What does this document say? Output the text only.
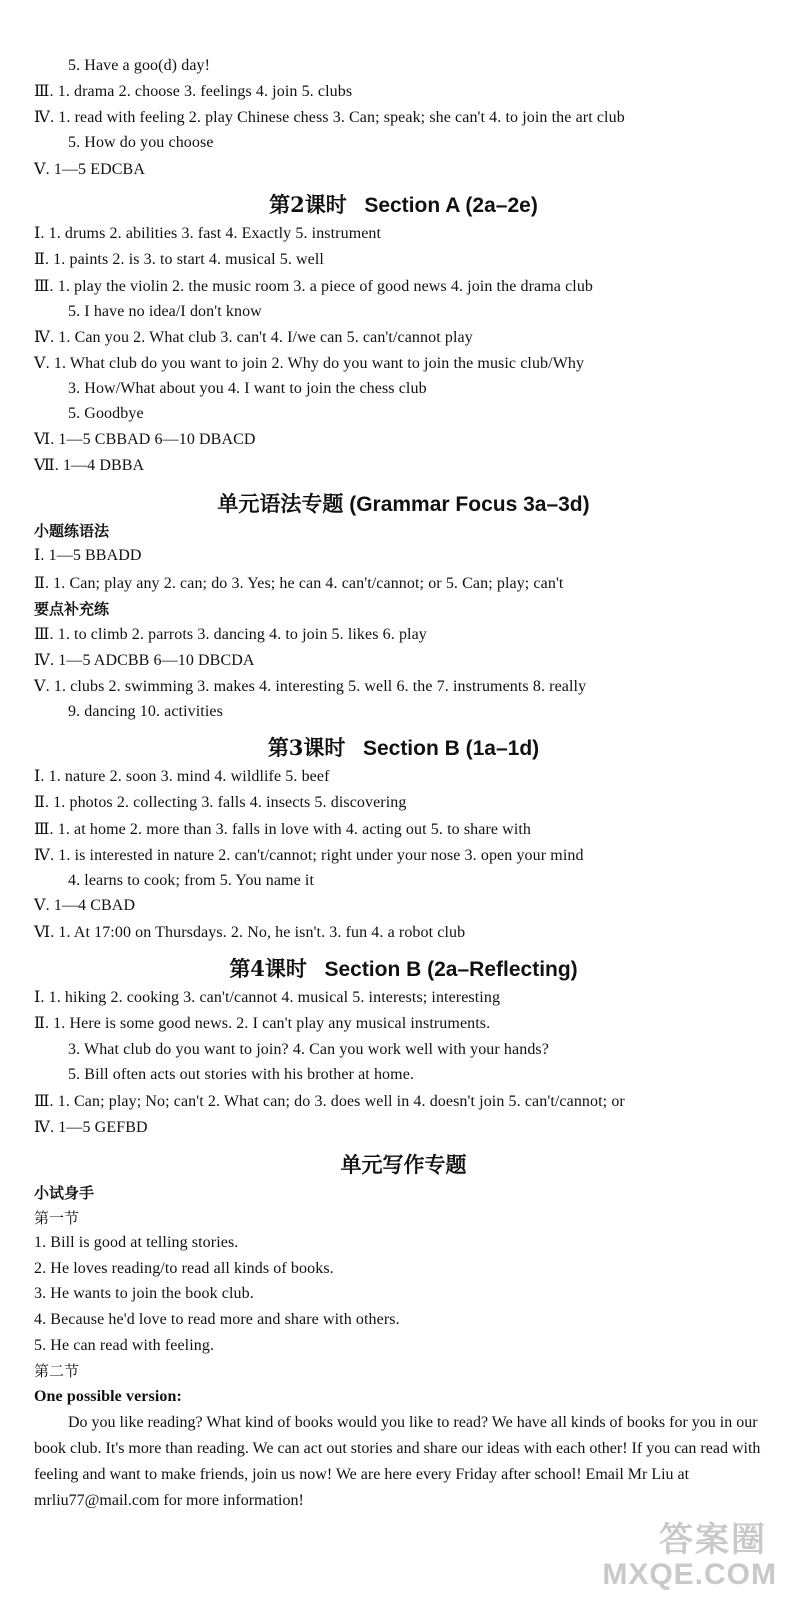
5. Have a goo(d) day!
Ⅲ. 1. drama 2. choose 3. feelings 4. join 5. clubs
Ⅳ. 1. read with feeling 2. play Chinese chess 3. Can; speak; she can't 4. to join the art club
5. How do you choose
Ⅴ. 1—5 EDCBA
第2课时 Section A (2a–2e)
Ⅰ. 1. drums 2. abilities 3. fast 4. Exactly 5. instrument
Ⅱ. 1. paints 2. is 3. to start 4. musical 5. well
Ⅲ. 1. play the violin 2. the music room 3. a piece of good news 4. join the drama club
5. I have no idea/I don't know
Ⅳ. 1. Can you 2. What club 3. can't 4. I/we can 5. can't/cannot play
Ⅴ. 1. What club do you want to join 2. Why do you want to join the music club/Why
3. How/What about you 4. I want to join the chess club
5. Goodbye
Ⅵ. 1—5 CBBAD 6—10 DBACD
Ⅶ. 1—4 DBBA
单元语法专题 (Grammar Focus 3a–3d)
小题练语法
Ⅰ. 1—5 BBADD
Ⅱ. 1. Can; play any 2. can; do 3. Yes; he can 4. can't/cannot; or 5. Can; play; can't
要点补充练
Ⅲ. 1. to climb 2. parrots 3. dancing 4. to join 5. likes 6. play
Ⅳ. 1—5 ADCBB 6—10 DBCDA
Ⅴ. 1. clubs 2. swimming 3. makes 4. interesting 5. well 6. the 7. instruments 8. really
9. dancing 10. activities
第3课时 Section B (1a–1d)
Ⅰ. 1. nature 2. soon 3. mind 4. wildlife 5. beef
Ⅱ. 1. photos 2. collecting 3. falls 4. insects 5. discovering
Ⅲ. 1. at home 2. more than 3. falls in love with 4. acting out 5. to share with
Ⅳ. 1. is interested in nature 2. can't/cannot; right under your nose 3. open your mind
4. learns to cook; from 5. You name it
Ⅴ. 1—4 CBAD
Ⅵ. 1. At 17:00 on Thursdays. 2. No, he isn't. 3. fun 4. a robot club
第4课时 Section B (2a–Reflecting)
Ⅰ. 1. hiking 2. cooking 3. can't/cannot 4. musical 5. interests; interesting
Ⅱ. 1. Here is some good news. 2. I can't play any musical instruments.
3. What club do you want to join? 4. Can you work well with your hands?
5. Bill often acts out stories with his brother at home.
Ⅲ. 1. Can; play; No; can't 2. What can; do 3. does well in 4. doesn't join 5. can't/cannot; or
Ⅳ. 1—5 GEFBD
单元写作专题
小试身手
第一节
1. Bill is good at telling stories.
2. He loves reading/to read all kinds of books.
3. He wants to join the book club.
4. Because he'd love to read more and share with others.
5. He can read with feeling.
第二节
One possible version:
Do you like reading? What kind of books would you like to read? We have all kinds of books for you in our book club. It's more than reading. We can act out stories and share our ideas with each other! If you can read with feeling and want to make friends, join us now! We are here every Friday after school! Email Mr Liu at mrliu77@mail.com for more information!
答案圈
MXQE.COM
